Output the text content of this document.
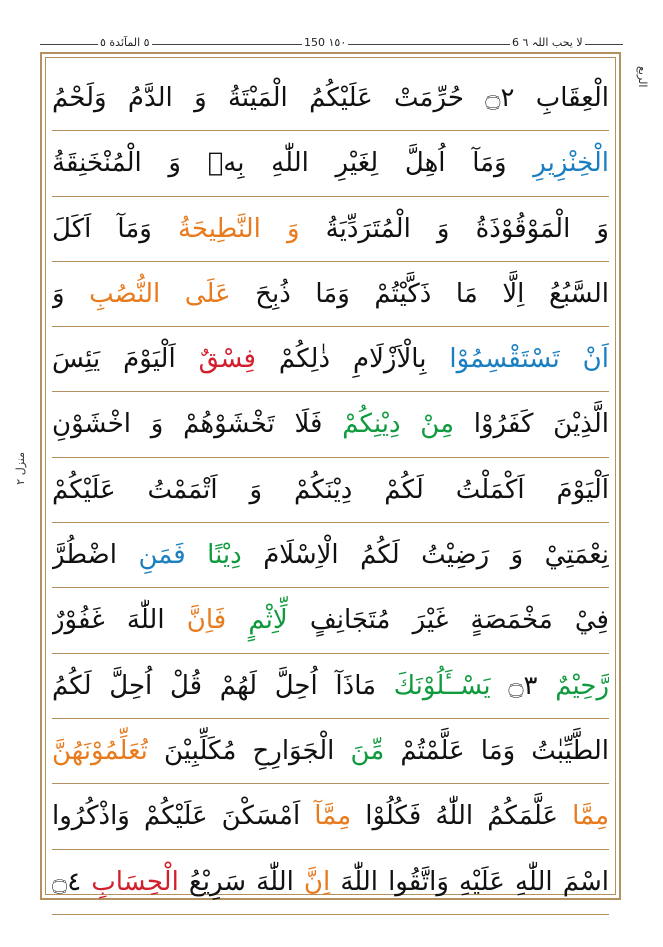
٥ المآئدة ٥	150 ١٥٠	6 لا یحب اللہ ٦
الربع
منزل ٢
الْعِقَابِ ۝٢ حُرِّمَتْ عَلَيْكُمُ الْمَيْتَةُ وَ الدَّمُ وَلَحْمُ
الْخِنْزِيرِ وَمَآ اُهِلَّ لِغَيْرِ اللّٰهِ بِهٖ وَ الْمُنْخَنِقَةُ
وَ الْمَوْقُوْذَةُ وَ الْمُتَرَدِّيَةُ وَ النَّطِيحَةُ وَمَآ اَكَلَ
السَّبُعُ اِلَّا مَا ذَكَّيْتُمْ وَمَا ذُبِحَ عَلَى النُّصُبِ وَ
اَنْ تَسْتَقْسِمُوْا بِالْاَزْلَامِ ذٰلِكُمْ فِسْقٌ اَلْيَوْمَ يَئِسَ
الَّذِيْنَ كَفَرُوْا مِنْ دِيْنِكُمْ فَلَا تَخْشَوْهُمْ وَ اخْشَوْنِ
اَلْيَوْمَ اَكْمَلْتُ لَكُمْ دِيْنَكُمْ وَ اَتْمَمْتُ عَلَيْكُمْ
نِعْمَتِيْ وَ رَضِيْتُ لَكُمُ الْاِسْلَامَ دِيْنًا فَمَنِ اضْطُرَّ
فِيْ مَخْمَصَةٍ غَيْرَ مُتَجَانِفٍ لِّاِثْمٍ فَاِنَّ اللّٰهَ غَفُوْرٌ
رَّحِيْمٌ ۝٣ يَسْــَٔلُوْنَكَ مَاذَآ اُحِلَّ لَهُمْ قُلْ اُحِلَّ لَكُمُ
الطَّيِّبٰتُ وَمَا عَلَّمْتُمْ مِّنَ الْجَوَارِحِ مُكَلِّبِيْنَ تُعَلِّمُوْنَهُنَّ
مِمَّا عَلَّمَكُمُ اللّٰهُ فَكُلُوْا مِمَّآ اَمْسَكْنَ عَلَيْكُمْ وَاذْكُرُوا
اسْمَ اللّٰهِ عَلَيْهِ وَاتَّقُوا اللّٰهَ اِنَّ اللّٰهَ سَرِيْعُ الْحِسَابِ ۝٤
